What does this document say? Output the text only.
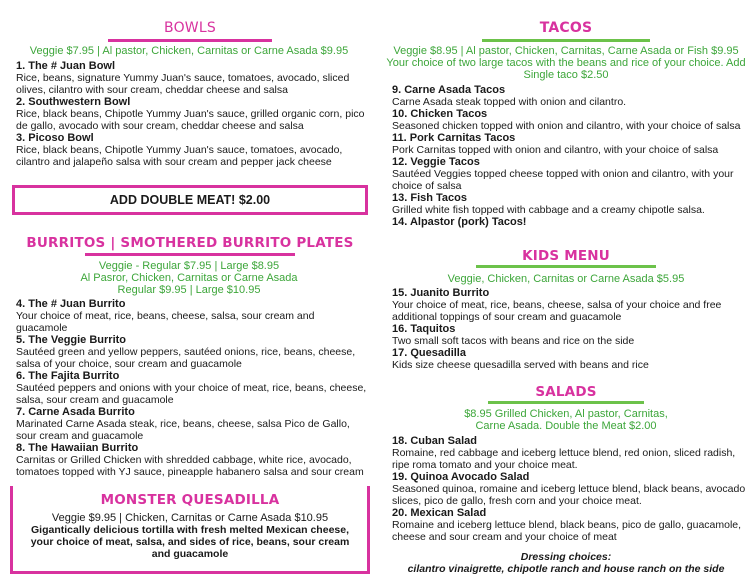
BOWLS
Veggie $7.95 | Al pastor, Chicken, Carnitas or Carne Asada $9.95
1. The # Juan Bowl
Rice, beans, signature Yummy Juan's sauce, tomatoes, avocado, sliced olives, cilantro with sour cream, cheddar cheese and salsa
2. Southwestern Bowl
Rice, black beans, Chipotle Yummy Juan's sauce, grilled organic corn, pico de gallo, avocado with sour cream, cheddar cheese and salsa
3. Picoso Bowl
Rice, black beans, Chipotle Yummy Juan's sauce, tomatoes, avocado, cilantro and jalapeño salsa with sour cream and pepper jack cheese
ADD DOUBLE MEAT! $2.00
BURRITOS | SMOTHERED BURRITO PLATES
Veggie - Regular $7.95 | Large $8.95
Al Pasror, Chicken, Carnitas or Carne Asada
Regular $9.95 | Large $10.95
4. The # Juan Burrito
Your choice of meat, rice, beans, cheese, salsa, sour cream and guacamole
5. The Veggie Burrito
Sautéed green and yellow peppers, sautéed onions, rice, beans, cheese, salsa of your choice, sour cream and guacamole
6. The Fajita Burrito
Sautéed peppers and onions with your choice of meat, rice, beans, cheese, salsa, sour cream and guacamole
7. Carne Asada Burrito
Marinated Carne Asada steak, rice, beans, cheese, salsa Pico de Gallo, sour cream and guacamole
8. The Hawaiian Burrito
Carnitas or Grilled Chicken with shredded cabbage, white rice, avocado, tomatoes topped with YJ sauce, pineapple habanero salsa and sour cream
MONSTER QUESADILLA
Veggie $9.95 | Chicken, Carnitas or Carne Asada $10.95
Gigantically delicious tortilla with fresh melted Mexican cheese, your choice of meat, salsa, and sides of rice, beans, sour cream and guacamole
TACOS
Veggie $8.95 | Al pastor, Chicken, Carnitas, Carne Asada or Fish $9.95
Your choice of two large tacos with the beans and rice of your choice. Add
Single taco $2.50
9. Carne Asada Tacos
Carne Asada steak topped with onion and cilantro.
10. Chicken Tacos
Seasoned chicken topped with onion and cilantro, with your choice of salsa
11. Pork Carnitas Tacos
Pork Carnitas topped with onion and cilantro, with your choice of salsa
12. Veggie Tacos
Sautéed Veggies topped cheese topped with onion and cilantro, with your choice of salsa
13. Fish Tacos
Grilled white fish topped with cabbage and a creamy chipotle salsa.
14. Alpastor (pork) Tacos!
KIDS MENU
Veggie, Chicken, Carnitas or Carne Asada $5.95
15. Juanito Burrito
Your choice of meat, rice, beans, cheese, salsa of your choice and free additional toppings of sour cream and guacamole
16. Taquitos
Two small soft tacos with beans and rice on the side
17. Quesadilla
Kids size cheese quesadilla served with beans and rice
SALADS
$8.95 Grilled Chicken, Al pastor, Carnitas,
Carne Asada. Double the Meat $2.00
18. Cuban Salad
Romaine, red cabbage and iceberg lettuce blend, red onion, sliced radish, ripe roma tomato and your choice meat.
19. Quinoa Avocado Salad
Seasoned quinoa, romaine and iceberg lettuce blend, black beans, avocado slices, pico de gallo, fresh corn and your choice meat.
20. Mexican Salad
Romaine and iceberg lettuce blend, black beans, pico de gallo, guacamole, cheese and sour cream and your choice of meat
Dressing choices:
cilantro vinaigrette, chipotle ranch and house ranch on the side
